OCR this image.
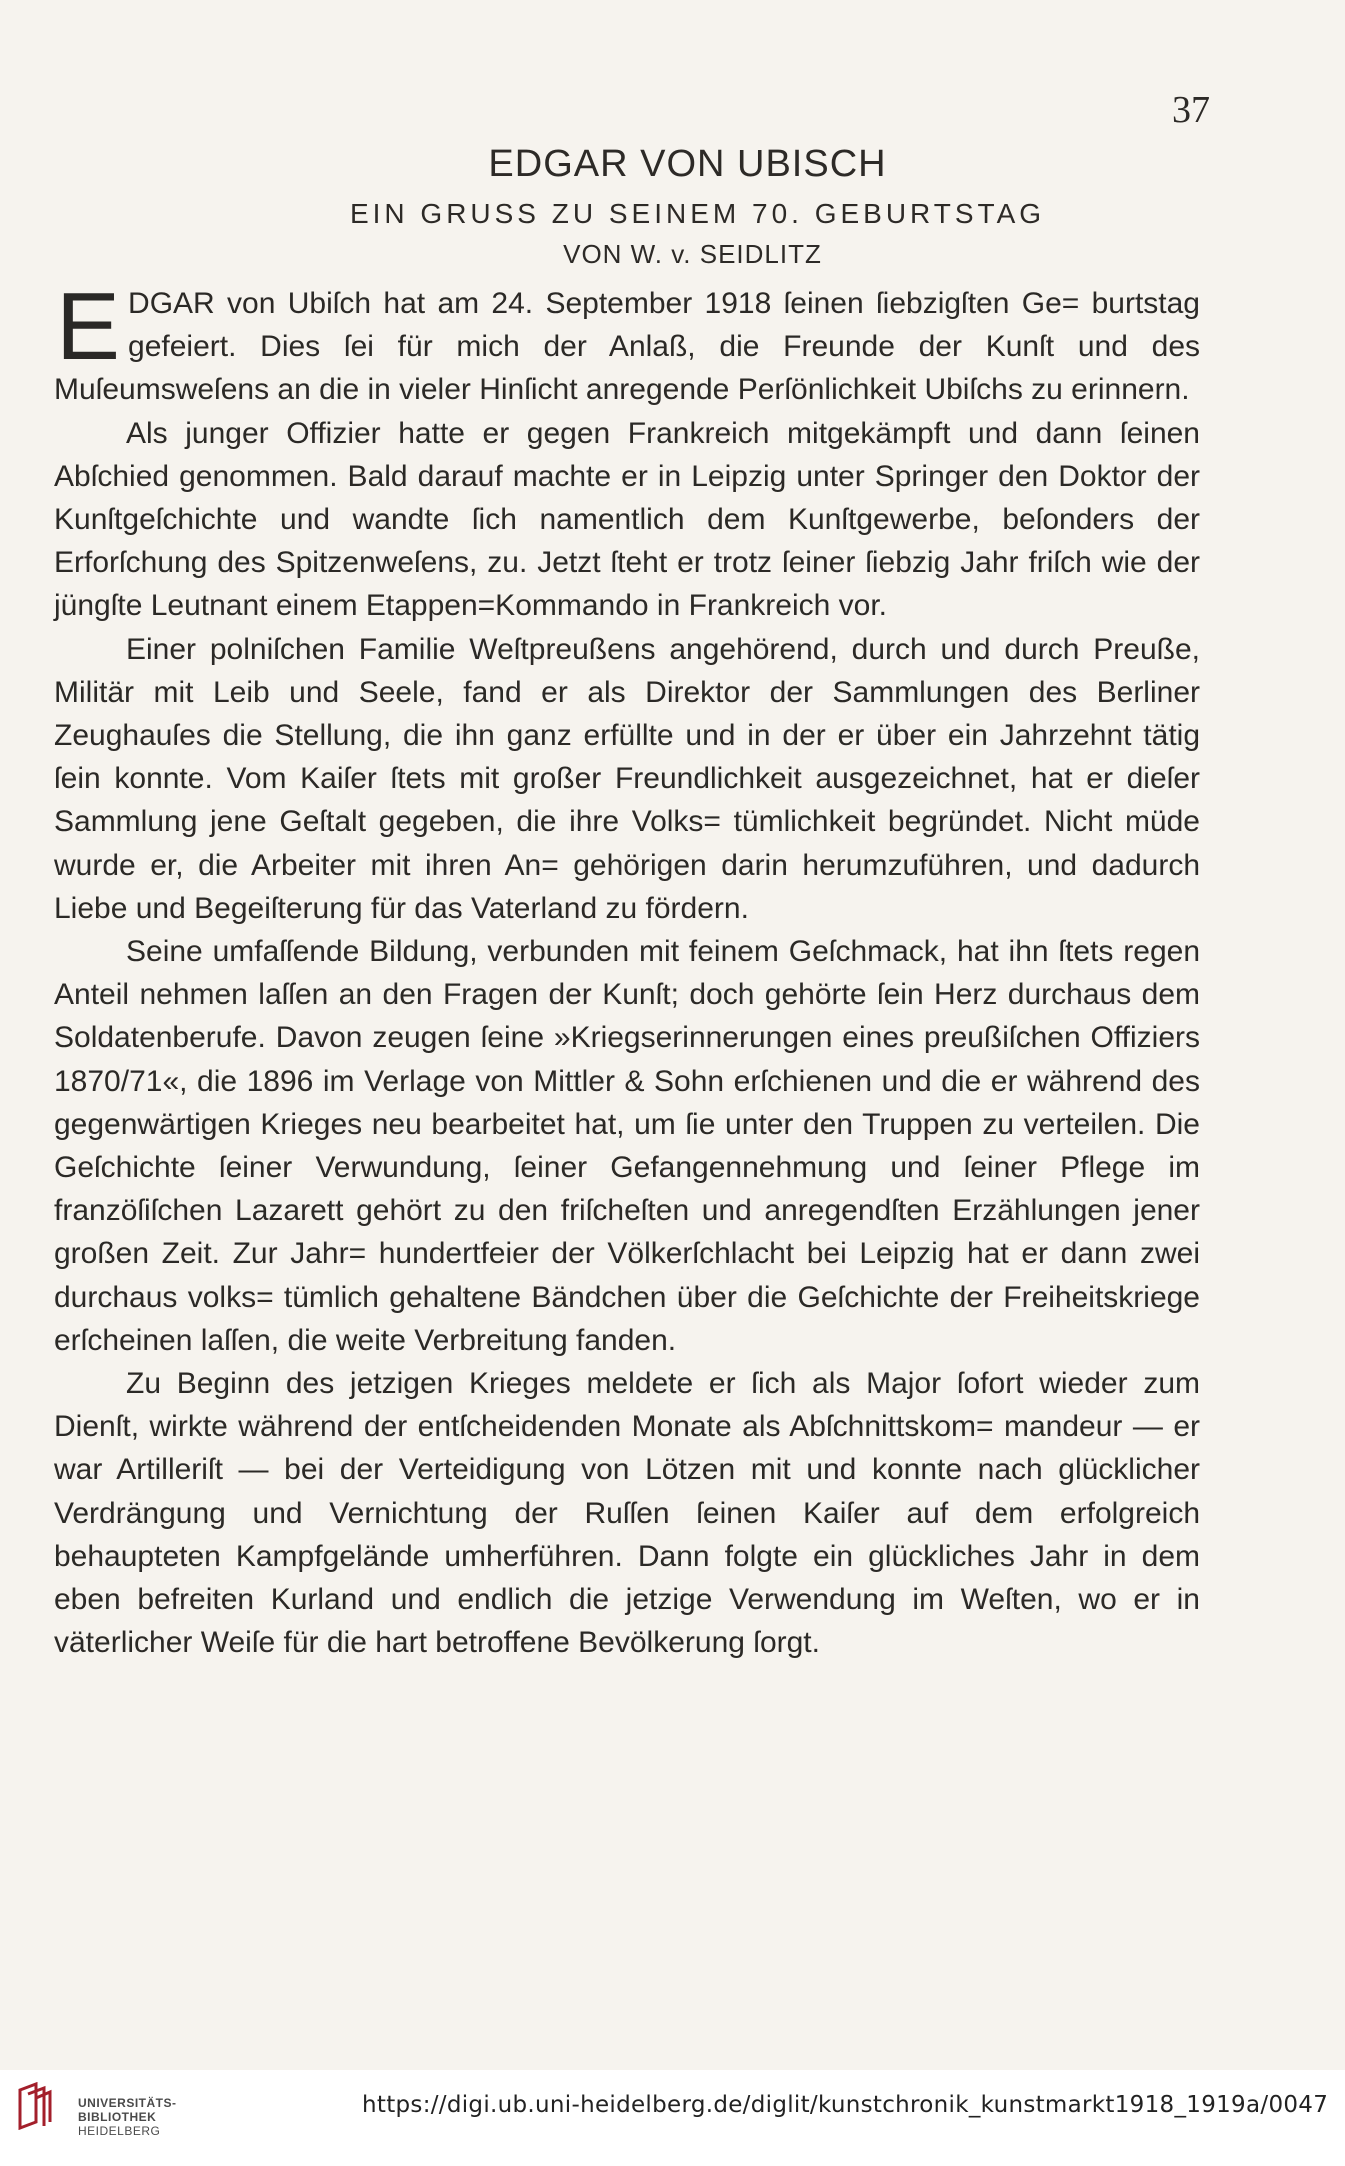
37
EDGAR VON UBISCH
EIN GRUSS ZU SEINEM 70. GEBURTSTAG
VON W. v. SEIDLITZ

EDGAR von Ubiſch hat am 24. September 1918 ſeinen ſiebzigſten Ge= burtstag gefeiert. Dies ſei für mich der Anlaß, die Freunde der Kunſt und des Muſeumsweſens an die in vieler Hinſicht anregende Perſönlichkeit Ubiſchs zu erinnern.

Als junger Offizier hatte er gegen Frankreich mitgekämpft und dann ſeinen Abſchied genommen. Bald darauf machte er in Leipzig unter Springer den Doktor der Kunſtgeſchichte und wandte ſich namentlich dem Kunſtgewerbe, beſonders der Erforſchung des Spitzenweſens, zu. Jetzt ſteht er trotz ſeiner ſiebzig Jahr friſch wie der jüngſte Leutnant einem Etappen=Kommando in Frankreich vor.

Einer polniſchen Familie Weſtpreußens angehörend, durch und durch Preuße, Militär mit Leib und Seele, fand er als Direktor der Sammlungen des Berliner Zeughauſes die Stellung, die ihn ganz erfüllte und in der er über ein Jahrzehnt tätig ſein konnte. Vom Kaiſer ſtets mit großer Freundlichkeit ausgezeichnet, hat er dieſer Sammlung jene Geſtalt gegeben, die ihre Volks= tümlichkeit begründet. Nicht müde wurde er, die Arbeiter mit ihren An= gehörigen darin herumzuführen, und dadurch Liebe und Begeiſterung für das Vaterland zu fördern.

Seine umfaſſende Bildung, verbunden mit feinem Geſchmack, hat ihn ſtets regen Anteil nehmen laſſen an den Fragen der Kunſt; doch gehörte ſein Herz durchaus dem Soldatenberufe. Davon zeugen ſeine »Kriegserinnerungen eines preußiſchen Offiziers 1870/71«, die 1896 im Verlage von Mittler & Sohn erſchienen und die er während des gegenwärtigen Krieges neu bearbeitet hat, um ſie unter den Truppen zu verteilen. Die Geſchichte ſeiner Verwundung, ſeiner Gefangennehmung und ſeiner Pflege im franzöſiſchen Lazarett gehört zu den friſcheſten und anregendſten Erzählungen jener großen Zeit. Zur Jahr= hundertfeier der Völkerſchlacht bei Leipzig hat er dann zwei durchaus volks= tümlich gehaltene Bändchen über die Geſchichte der Freiheitskriege erſcheinen laſſen, die weite Verbreitung fanden.

Zu Beginn des jetzigen Krieges meldete er ſich als Major ſofort wieder zum Dienſt, wirkte während der entſcheidenden Monate als Abſchnittskom= mandeur — er war Artilleriſt — bei der Verteidigung von Lötzen mit und konnte nach glücklicher Verdrängung und Vernichtung der Ruſſen ſeinen Kaiſer auf dem erfolgreich behaupteten Kampfgelände umherführen. Dann folgte ein glückliches Jahr in dem eben befreiten Kurland und endlich die jetzige Verwendung im Weſten, wo er in väterlicher Weiſe für die hart betroffene Bevölkerung ſorgt.

UNIVERSITÄTS-
BIBLIOTHEK
HEIDELBERG
https://digi.ub.uni-heidelberg.de/diglit/kunstchronik_kunstmarkt1918_1919a/0047
